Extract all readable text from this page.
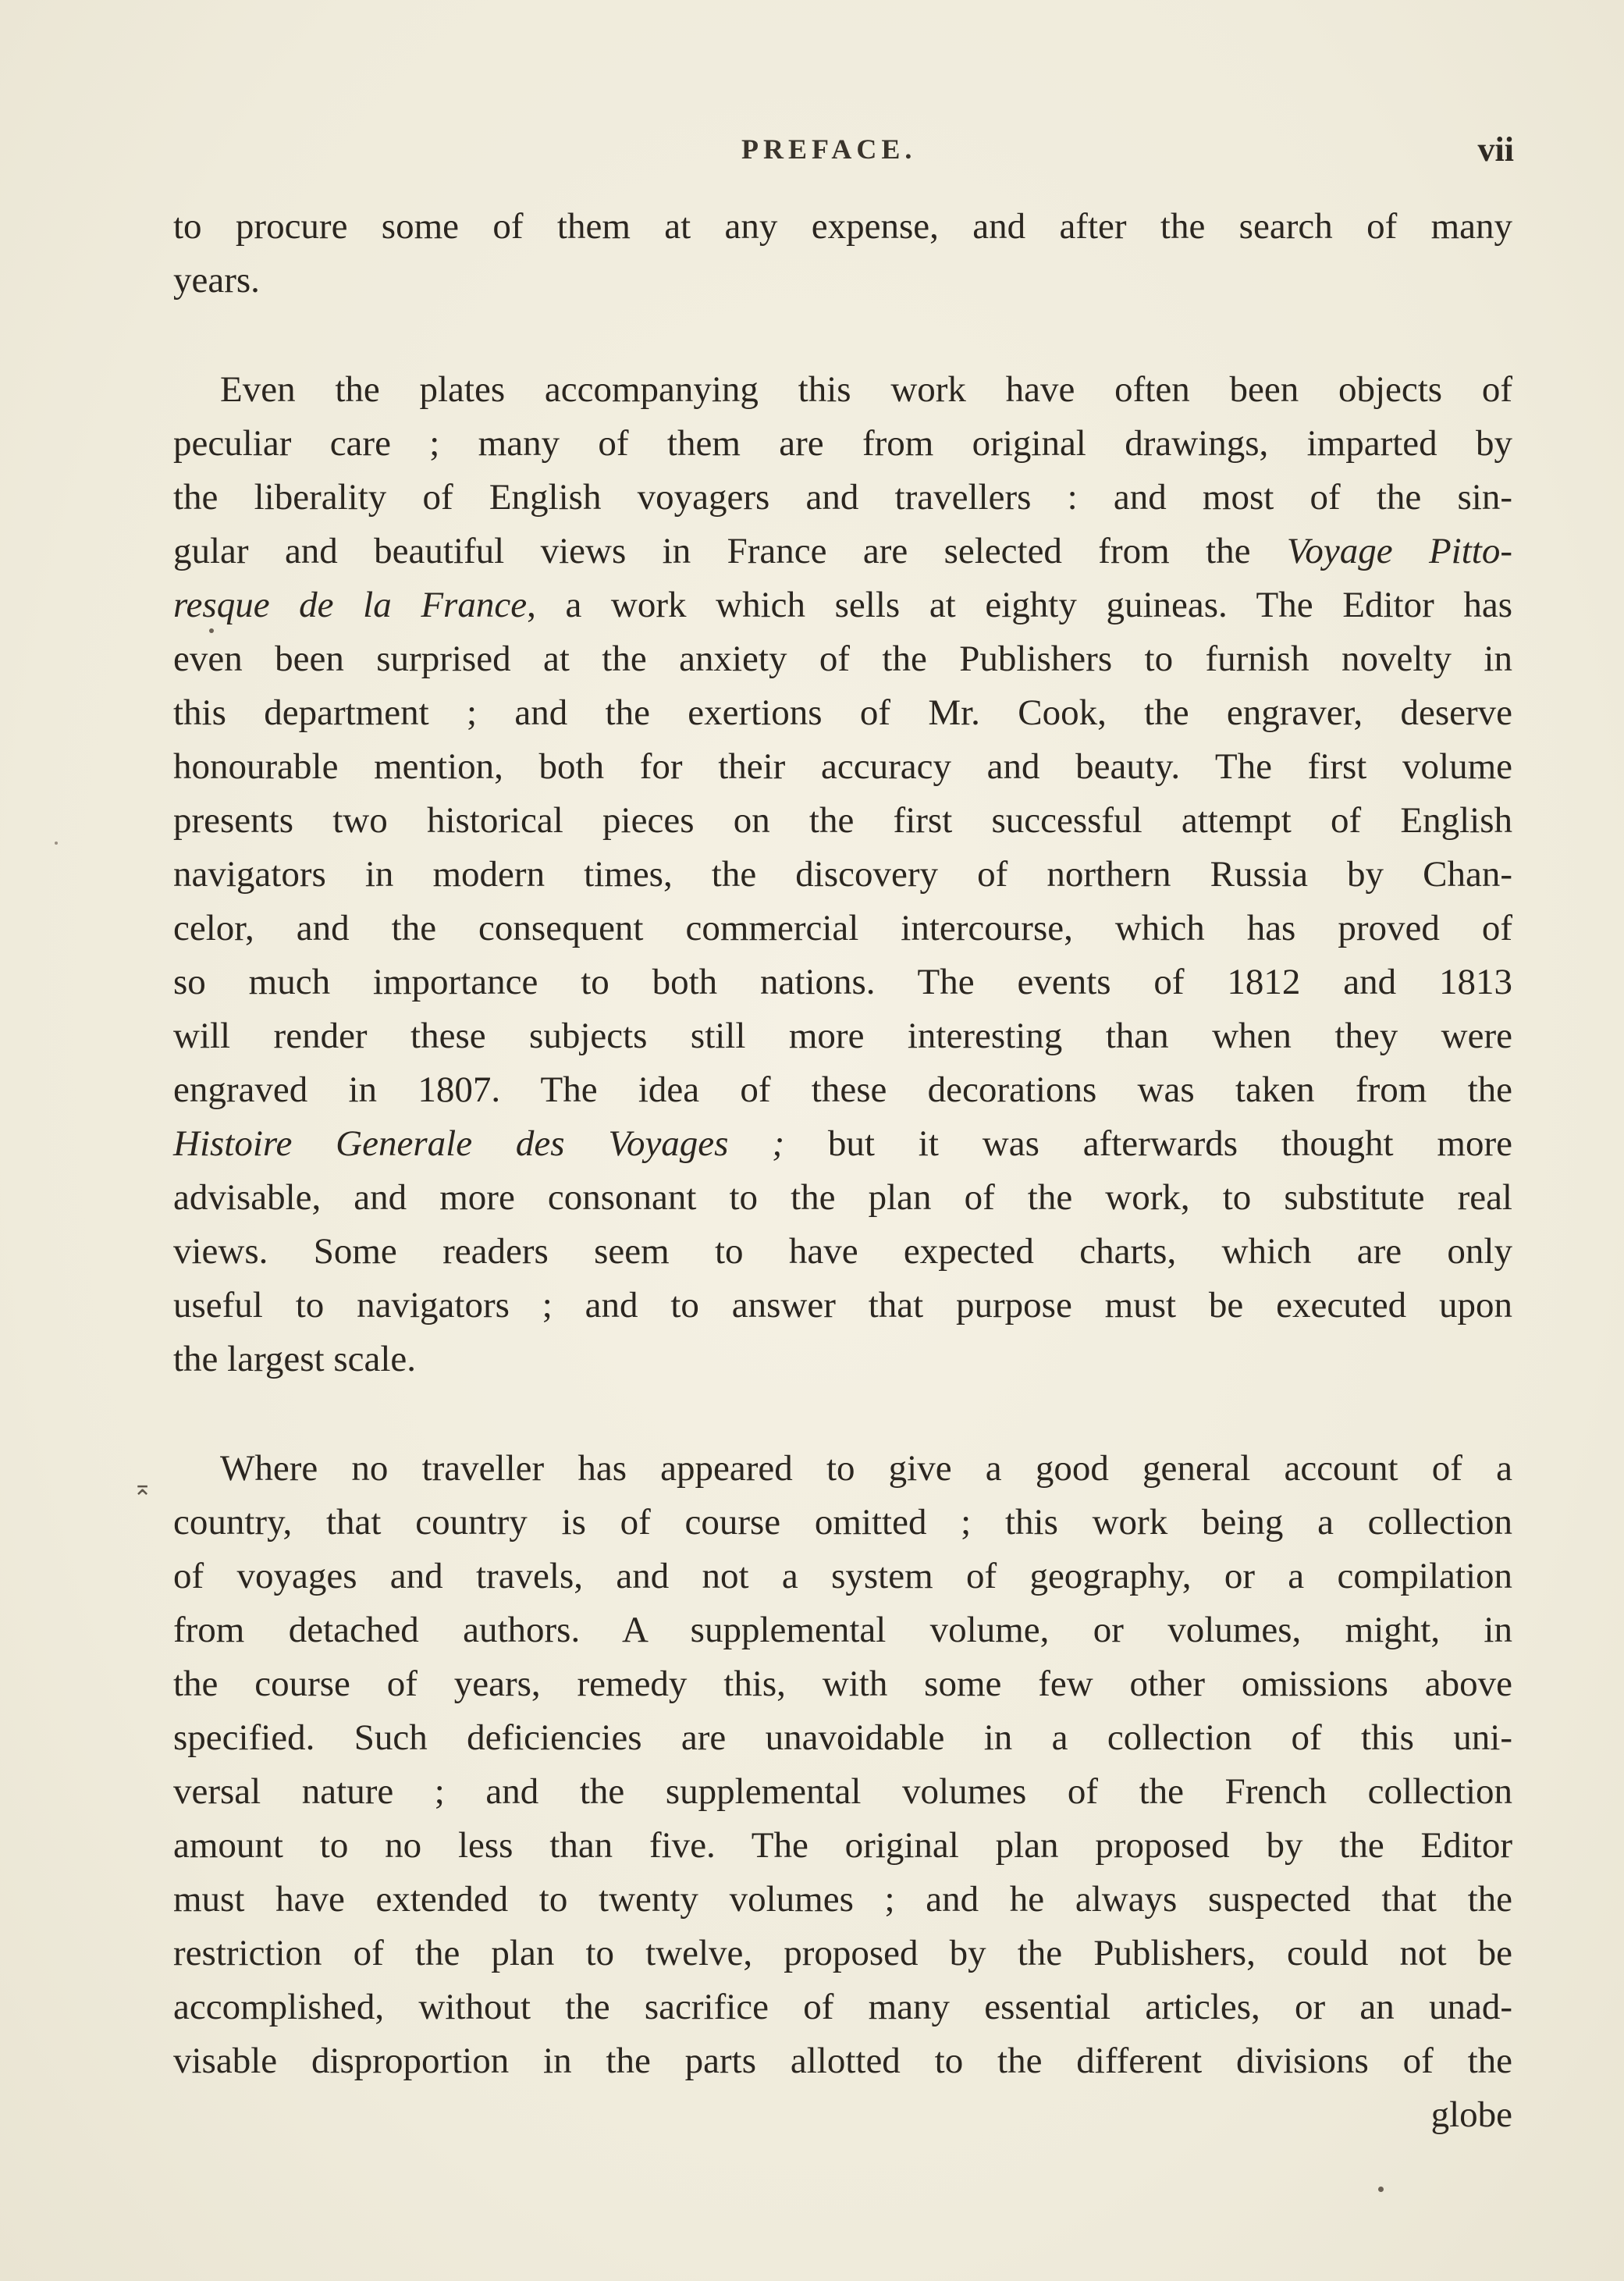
PREFACE.	vii
to procure some of them at any expense, and after the search of many
years.
Even the plates accompanying this work have often been objects of
peculiar care ; many of them are from original drawings, imparted by
the liberality of English voyagers and travellers : and most of the sin-
gular and beautiful views in France are selected from the Voyage Pitto-
resque de la France, a work which sells at eighty guineas. The Editor has
even been surprised at the anxiety of the Publishers to furnish novelty in
this department ; and the exertions of Mr. Cook, the engraver, deserve
honourable mention, both for their accuracy and beauty. The first volume
presents two historical pieces on the first successful attempt of English
navigators in modern times, the discovery of northern Russia by Chan-
celor, and the consequent commercial intercourse, which has proved of
so much importance to both nations. The events of 1812 and 1813
will render these subjects still more interesting than when they were
engraved in 1807. The idea of these decorations was taken from the
Histoire Generale des Voyages ; but it was afterwards thought more
advisable, and more consonant to the plan of the work, to substitute real
views. Some readers seem to have expected charts, which are only
useful to navigators ; and to answer that purpose must be executed upon
the largest scale.
Where no traveller has appeared to give a good general account of a
country, that country is of course omitted ; this work being a collection
of voyages and travels, and not a system of geography, or a compilation
from detached authors. A supplemental volume, or volumes, might, in
the course of years, remedy this, with some few other omissions above
specified. Such deficiencies are unavoidable in a collection of this uni-
versal nature ; and the supplemental volumes of the French collection
amount to no less than five. The original plan proposed by the Editor
must have extended to twenty volumes ; and he always suspected that the
restriction of the plan to twelve, proposed by the Publishers, could not be
accomplished, without the sacrifice of many essential articles, or an unad-
visable disproportion in the parts allotted to the different divisions of the
globe
⌅
